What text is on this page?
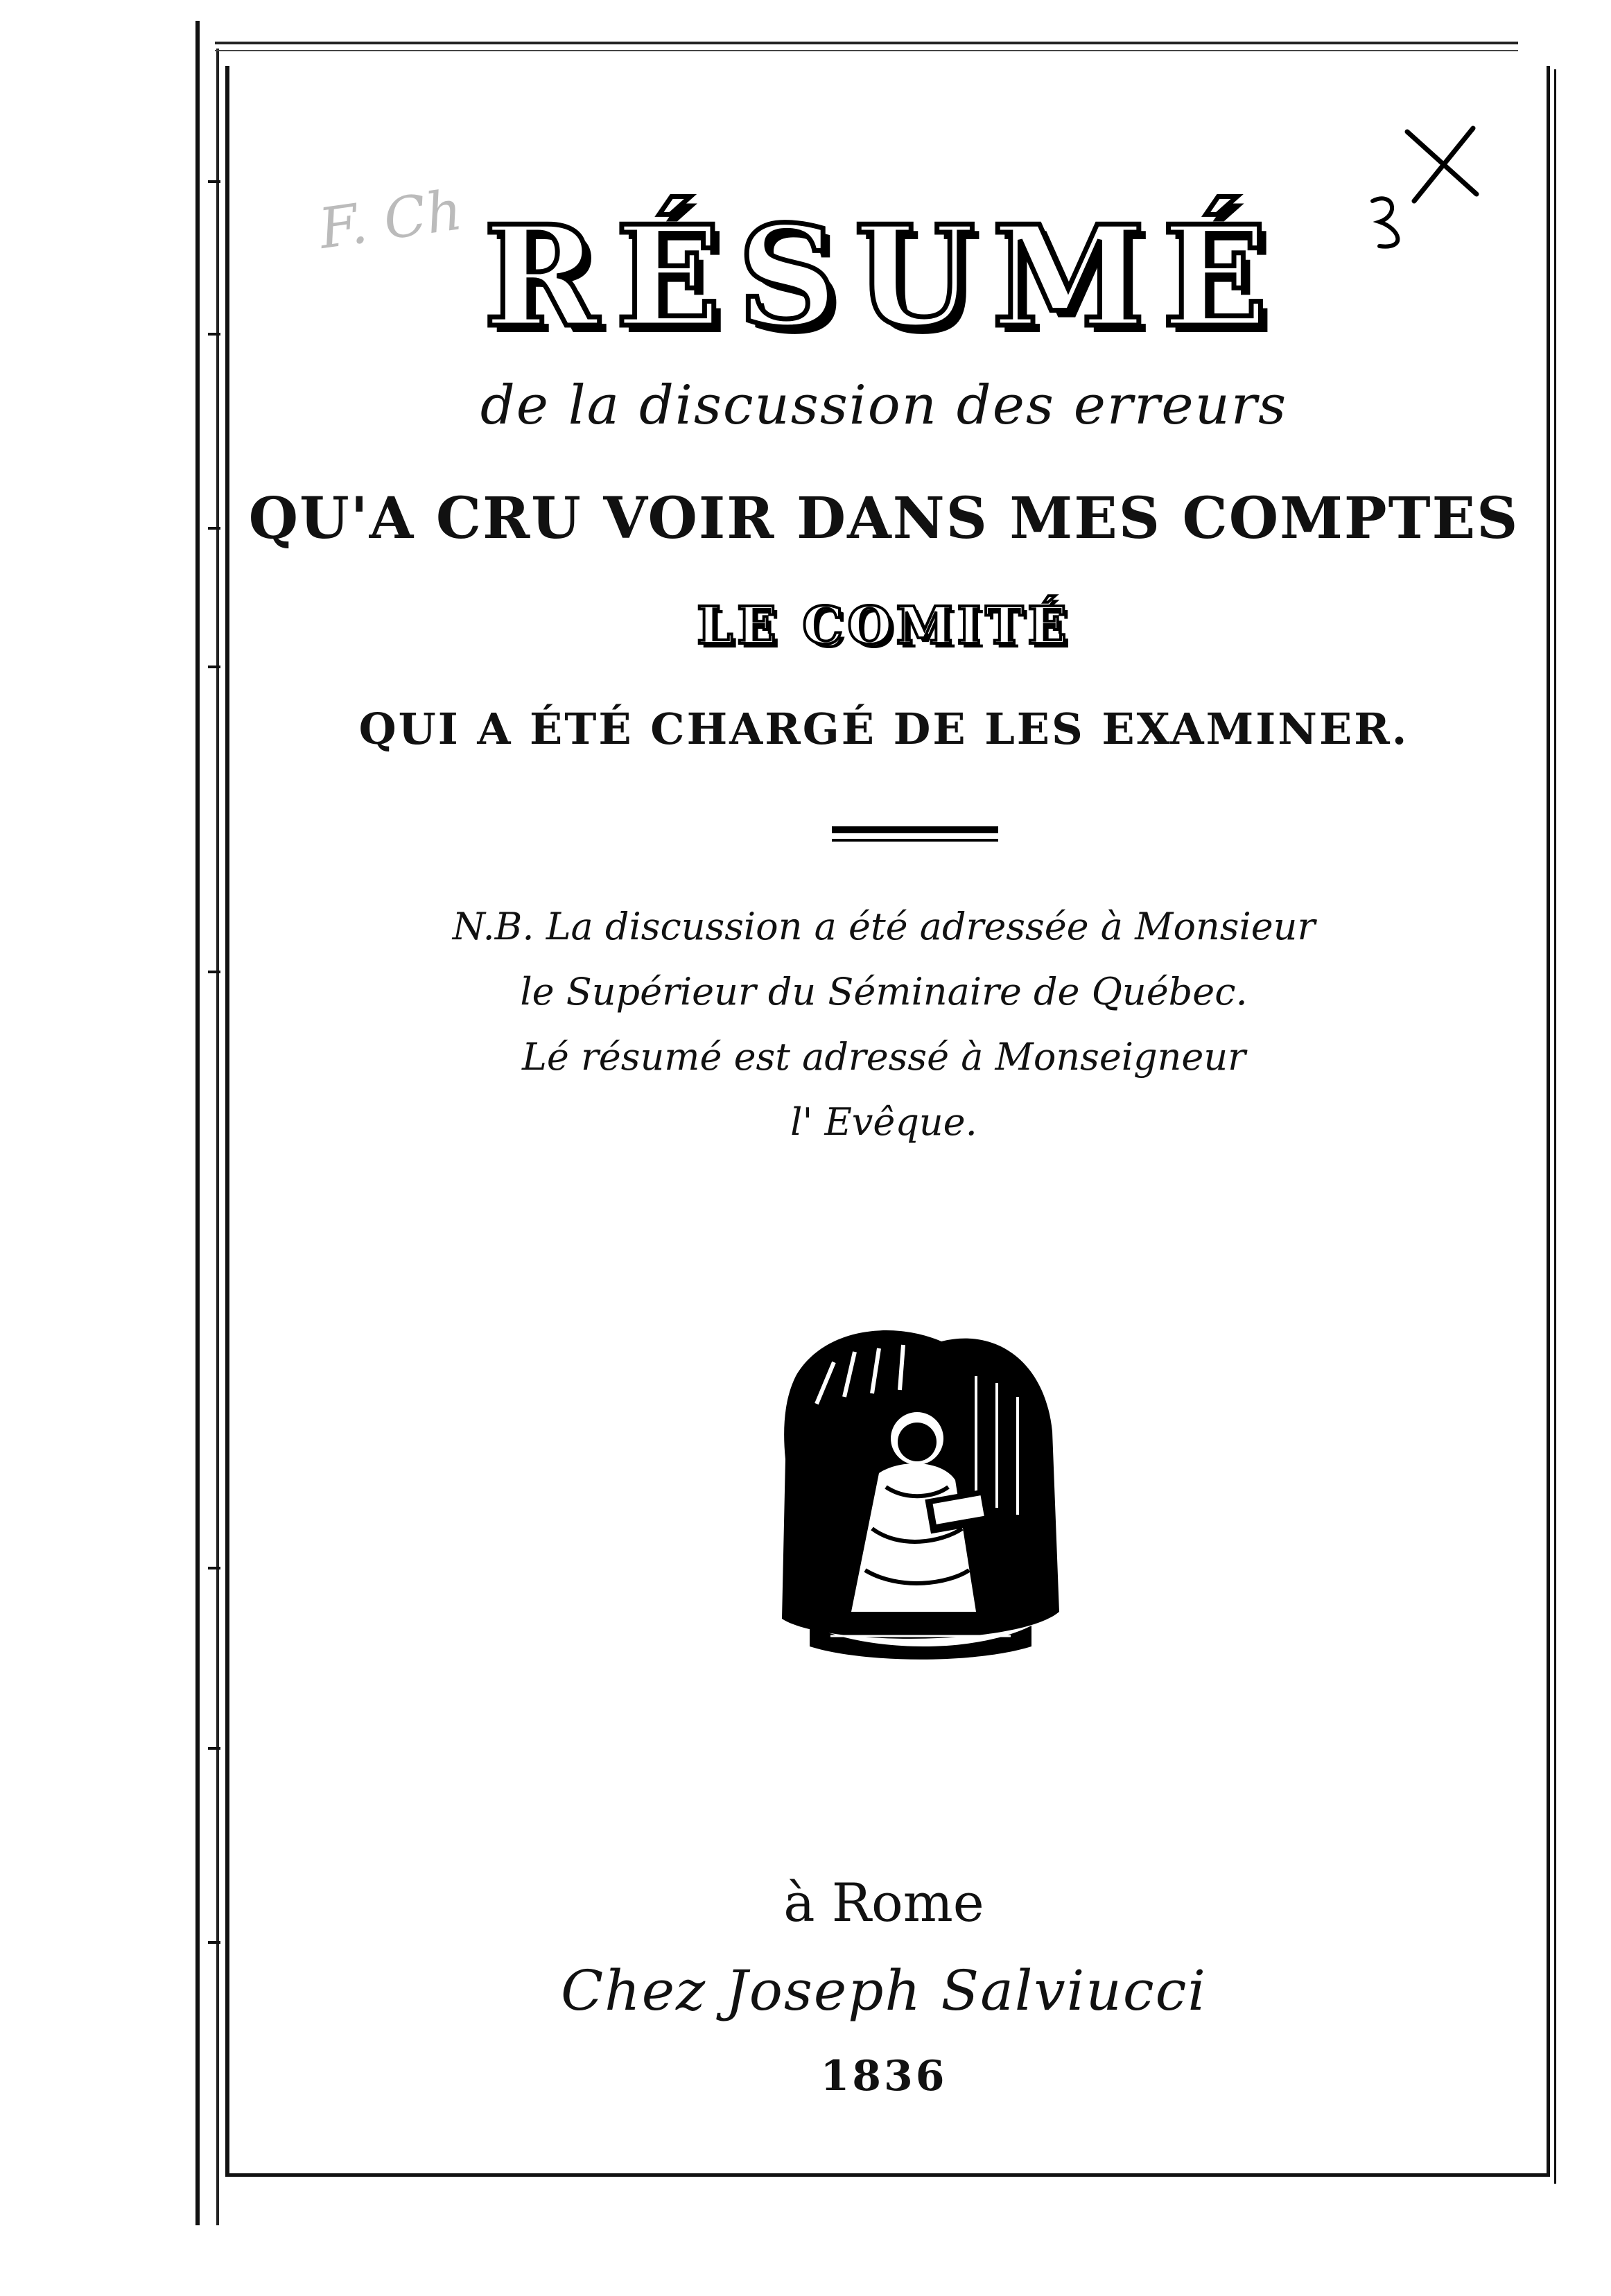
F. Ch RÉSUMÉ
de la discussion des erreurs
QU'A CRU VOIR DANS MES COMPTES
LE COMITÉ
QUI A ÉTÉ CHARGÉ DE LES EXAMINER.
N.B. La discussion a été adressée à Monsieur
le Supérieur du Séminaire de Québec.
Lé résumé est adressé à Monseigneur
l' Evêque.
à Rome
Chez Joseph Salviucci
1836
